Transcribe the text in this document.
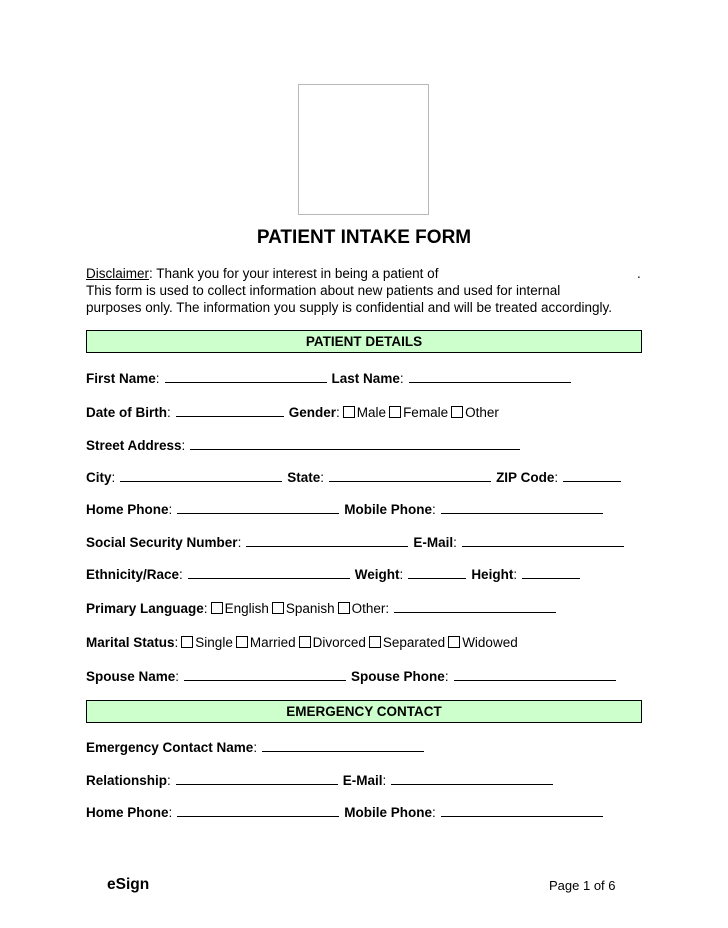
PATIENT INTAKE FORM
Disclaimer: Thank you for your interest in being a patient of	.
This form is used to collect information about new patients and used for internal
purposes only. The information you supply is confidential and will be treated accordingly.
PATIENT DETAILS
First Name :	Last Name :
Date of Birth :	Gender : Male Female Other
Street Address :
City :	State :	ZIP Code :
Home Phone :	Mobile Phone :
Social Security Number :	E-Mail :
Ethnicity/Race :	Weight :	Height :
Primary Language : English Spanish Other:
Marital Status : Single Married Divorced Separated Widowed
Spouse Name :	Spouse Phone :
EMERGENCY CONTACT
Emergency Contact Name :
Relationship :	E-Mail :
Home Phone :	Mobile Phone :
eSign	Page 1 of 6
